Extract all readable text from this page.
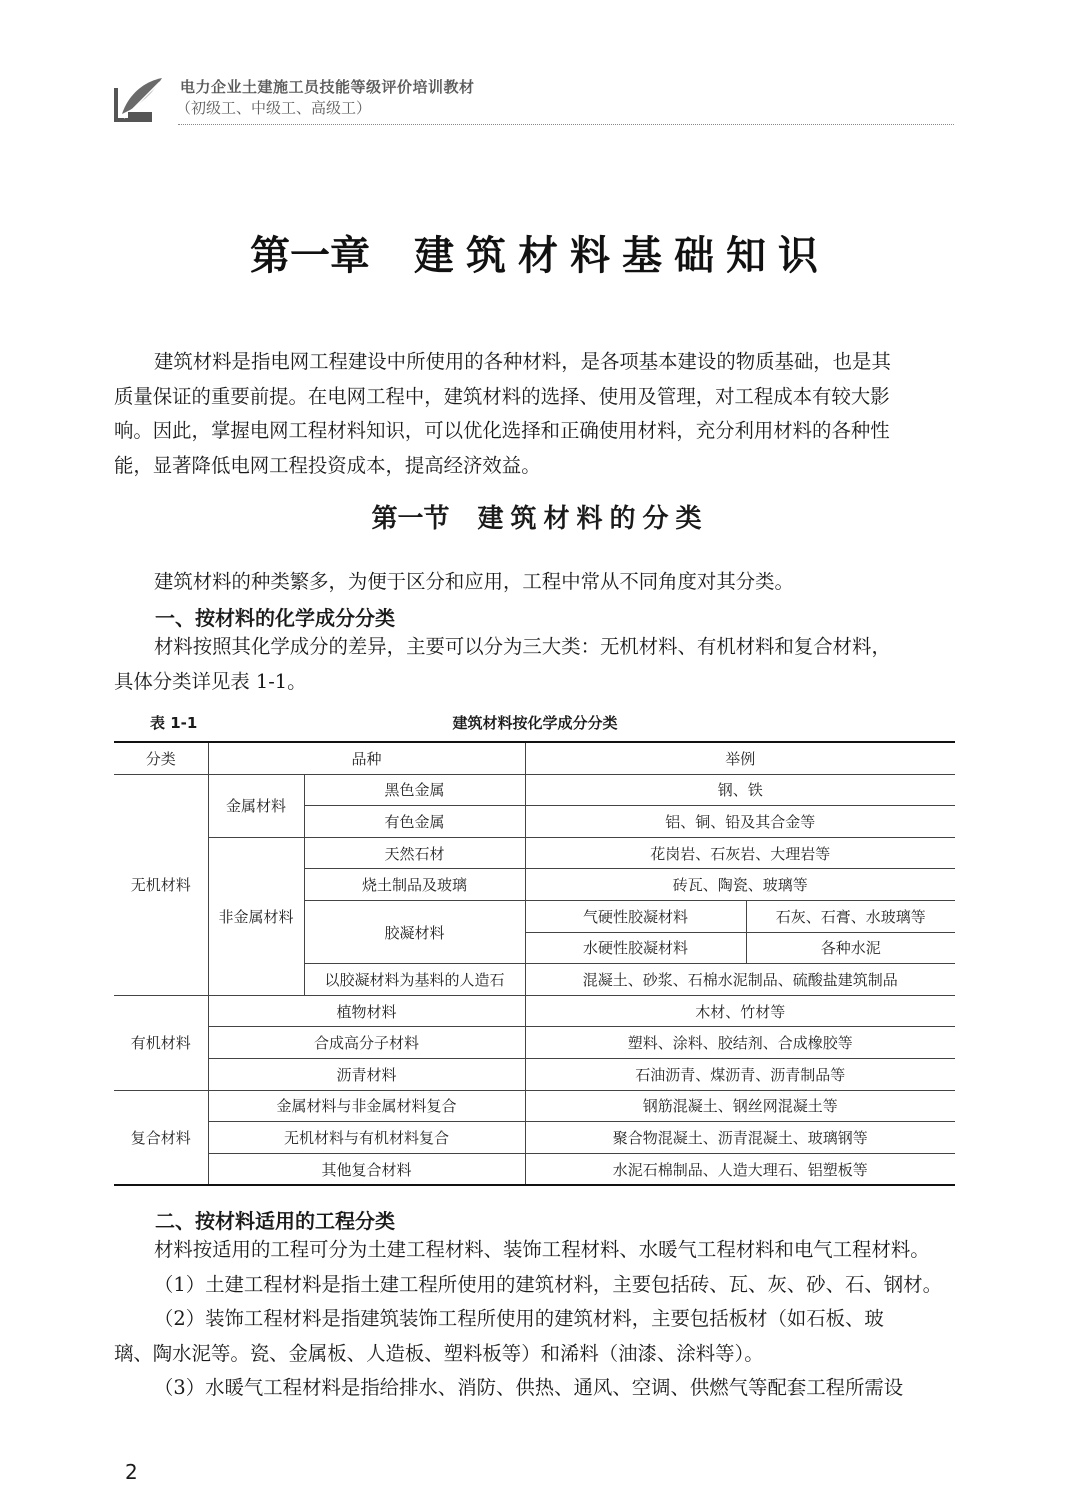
电力企业土建施工员技能等级评价培训教材
（初级工、中级工、高级工）
第一章 建筑材料基础知识
建筑材料是指电网工程建设中所使用的各种材料，是各项基本建设的物质基础，也是其
质量保证的重要前提。在电网工程中，建筑材料的选择、使用及管理，对工程成本有较大影
响。因此，掌握电网工程材料知识，可以优化选择和正确使用材料，充分利用材料的各种性
能，显著降低电网工程投资成本，提高经济效益。
第一节 建筑材料的分类
建筑材料的种类繁多，为便于区分和应用，工程中常从不同角度对其分类。
一、按材料的化学成分分类
材料按照其化学成分的差异，主要可以分为三大类：无机材料、有机材料和复合材料，
具体分类详见表 1-1。
表 1-1	建筑材料按化学成分分类
分类	品种		举例	
无机材料	金属材料	黑色金属	钢、铁	
		有色金属	铝、铜、铅及其合金等	
	非金属材料	天然石材	花岗岩、石灰岩、大理岩等	
		烧土制品及玻璃	砖瓦、陶瓷、玻璃等	
		胶凝材料	气硬性胶凝材料	石灰、石膏、水玻璃等
			水硬性胶凝材料	各种水泥
		以胶凝材料为基料的人造石	混凝土、砂浆、石棉水泥制品、硫酸盐建筑制品	
有机材料	植物材料		木材、竹材等	
	合成高分子材料		塑料、涂料、胶结剂、合成橡胶等	
	沥青材料		石油沥青、煤沥青、沥青制品等	
复合材料	金属材料与非金属材料复合		钢筋混凝土、钢丝网混凝土等	
	无机材料与有机材料复合		聚合物混凝土、沥青混凝土、玻璃钢等	
	其他复合材料		水泥石棉制品、人造大理石、铝塑板等	
二、按材料适用的工程分类
材料按适用的工程可分为土建工程材料、装饰工程材料、水暖气工程材料和电气工程材料。
（1）土建工程材料是指土建工程所使用的建筑材料，主要包括砖、瓦、灰、砂、石、钢材。
（2）装饰工程材料是指建筑装饰工程所使用的建筑材料，主要包括板材（如石板、玻
璃、陶水泥等。瓷、金属板、人造板、塑料板等）和浠料（油漆、涂料等）。
（3）水暖气工程材料是指给排水、消防、供热、通风、空调、供燃气等配套工程所需设
2
